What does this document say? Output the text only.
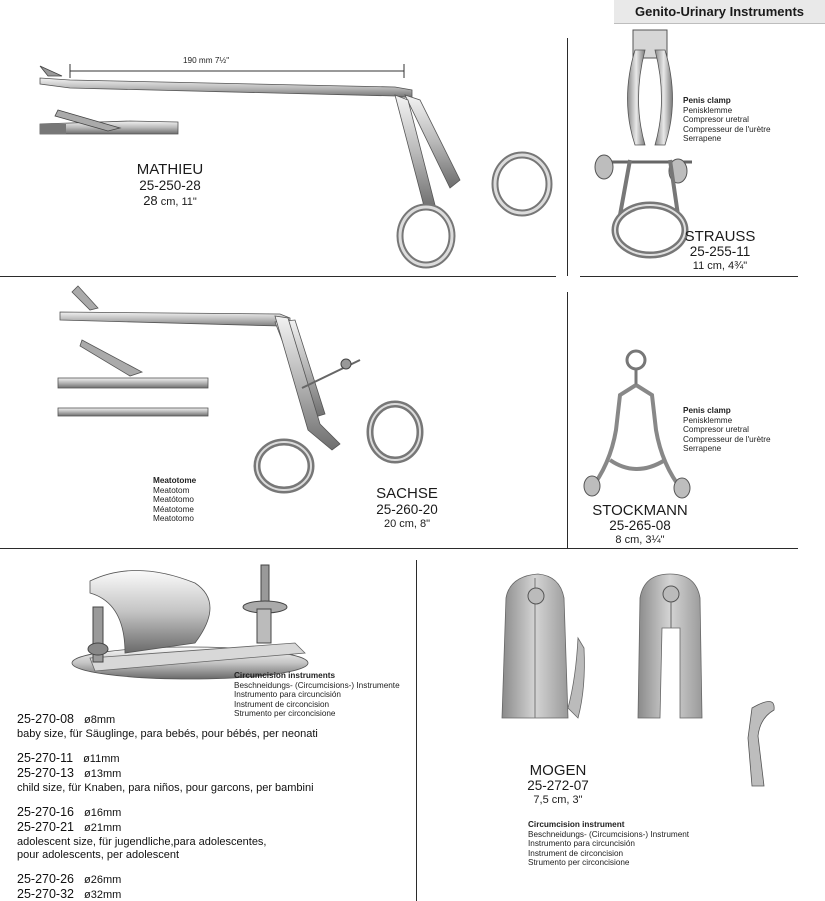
Genito-Urinary Instruments
190 mm 7½"
MATHIEU
25-250-28
28 cm, 11"
Penis clamp
Penisklemme
Compresor uretral
Compresseur de l'urètre
Serrapene
STRAUSS
25-255-11
11 cm, 4¾"
Meatotome
Meatotom
Meatótomo
Méatotome
Meatotomo
SACHSE
25-260-20
20 cm, 8"
Penis clamp
Penisklemme
Compresor uretral
Compresseur de l'urètre
Serrapene
STOCKMANN
25-265-08
8 cm, 3¼"
Circumcision instruments
Beschneidungs- (Circumcisions-) Instrumente
Instrumento para circuncisión
Instrument de circoncision
Strumento per circoncisione
25-270-08 ø8mm
baby size, für Säuglinge, para bebés, pour bébés, per neonati
25-270-11 ø11mm
25-270-13 ø13mm
child size, für Knaben, para niños, pour garcons, per bambini
25-270-16 ø16mm
25-270-21 ø21mm
adolescent size, für jugendliche,para adolescentes,
pour adolescents, per adolescent
25-270-26 ø26mm
25-270-32 ø32mm
MOGEN
25-272-07
7,5 cm, 3"
Circumcision instrument
Beschneidungs- (Circumcisions-) Instrument
Instrumento para circuncisión
Instrument de circoncision
Strumento per circoncisione
